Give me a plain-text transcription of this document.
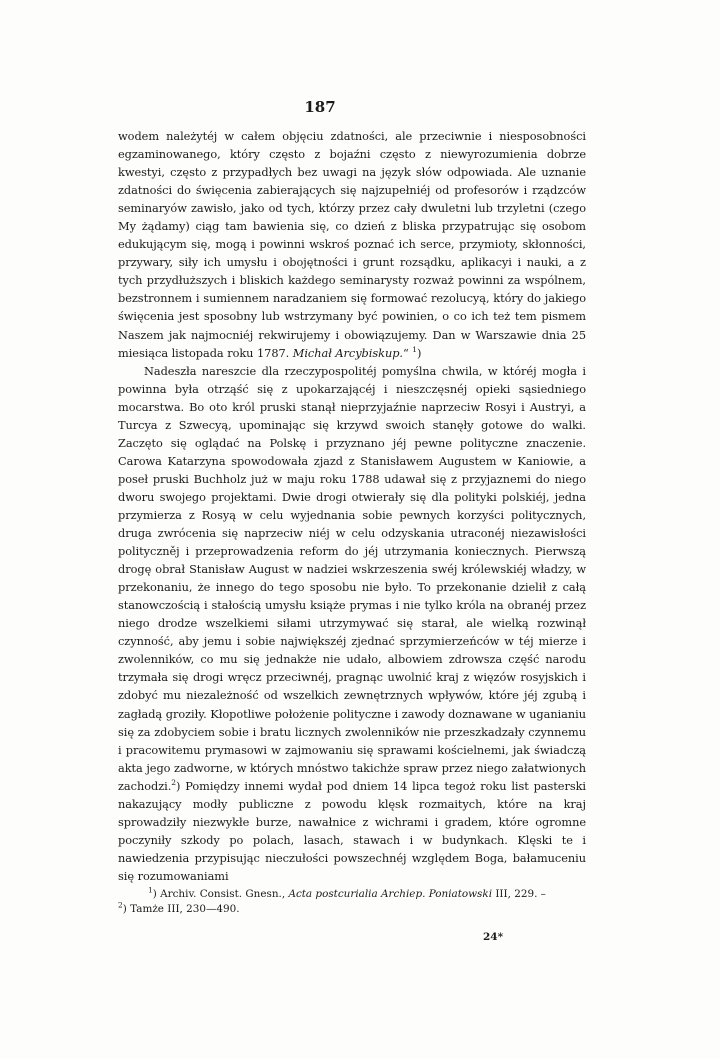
187

wodem należytéj w całem objęciu zdatności, ale przeciwnie i niesposobności egzaminowanego, który często z bojaźni często z niewyrozumienia dobrze kwestyi, często z przypadłych bez uwagi na język słów odpowiada. Ale uznanie zdatności do święcenia zabierających się najzupełniéj od profesorów i rządzców seminaryów zawisło, jako od tych, którzy przez cały dwuletni lub trzyletni (czego My żądamy) ciąg tam bawienia się, co dzień z bliska przypatrując się osobom edukującym się, mogą i powinni wskroś poznać ich serce, przymioty, skłonności, przywary, siły ich umysłu i obojętności i grunt rozsądku, aplikacyi i nauki, a z tych przydłuższych i bliskich każdego seminarysty rozważ powinni za wspólnem, bezstronnem i sumiennem naradzaniem się formować rezolucyą, który do jakiego święcenia jest sposobny lub wstrzymany być powinien, o co ich też tem pismem Naszem jak najmocniéj rekwirujemy i obowiązujemy. Dan w Warszawie dnia 25 miesiąca listopada roku 1787. Michał Arcybiskup.“ $^1$)

Nadeszła nareszcie dla rzeczypospolitéj pomyślna chwila, w któréj mogła i powinna była otrząść się z upokarzającéj i nieszczęsnéj opieki sąsiedniego mocarstwa. Bo oto król pruski stanął nieprzyjaźnie naprzeciw Rosyi i Austryi, a Turcya z Szwecyą, upominając się krzywd swoich stanęły gotowe do walki. Zaczęto się oglądać na Polskę i przyznano jéj pewne polityczne znaczenie. Carowa Katarzyna spowodowała zjazd z Stanisławem Augustem w Kaniowie, a poseł pruski Buchholz już w maju roku 1788 udawał się z przyjaznemi do niego dworu swojego projektami. Dwie drogi otwierały się dla polityki polskiéj, jedna przymierza z Rosyą w celu wyjednania sobie pewnych korzyści politycznych, druga zwrócenia się naprzeciw niéj w celu odzyskania utraconéj niezawisłości polityczněj i przeprowadzenia reform do jéj utrzymania koniecznych. Pierwszą drogę obrał Stanisław August w nadziei wskrzeszenia swéj królewskiéj władzy, w przekonaniu, że innego do tego sposobu nie było. To przekonanie dzielił z całą stanowczością i stałością umysłu książe prymas i nie tylko króla na obranéj przez niego drodze wszelkiemi siłami utrzymywać się starał, ale wielką rozwinął czynność, aby jemu i sobie największéj zjednać sprzymierzeńców w téj mierze i zwolenników, co mu się jednakże nie udało, albowiem zdrowsza część narodu trzymała się drogi wręcz przeciwnéj, pragnąc uwolnić kraj z więzów rosyjskich i zdobyć mu niezależność od wszelkich zewnętrznych wpływów, które jéj zgubą i zagładą groziły. Kłopotliwe położenie polityczne i zawody doznawane w uganianiu się za zdobyciem sobie i bratu licznych zwolenników nie przeszkadzały czynnemu i pracowitemu prymasowi w zajmowaniu się sprawami kościelnemi, jak świadczą akta jego zadworne, w których mnóstwo takichże spraw przez niego załatwionych zachodzi.$^2$) Pomiędzy innemi wydał pod dniem 14 lipca tegoż roku list pasterski nakazujący modły publiczne z powodu klęsk rozmaitych, które na kraj sprowadziły niezwykłe burze, nawałnice z wichrami i gradem, które ogromne poczyniły szkody po polach, lasach, stawach i w budynkach. Klęski te i nawiedzenia przypisując nieczułości powszechnéj względem Boga, bałamuceniu się rozumowaniami

$^1$) Archiv. Consist. Gnesn., Acta postcurialia Archiep. Poniatowski III, 229. –

$^2$) Tamże III, 230—490.

24*
